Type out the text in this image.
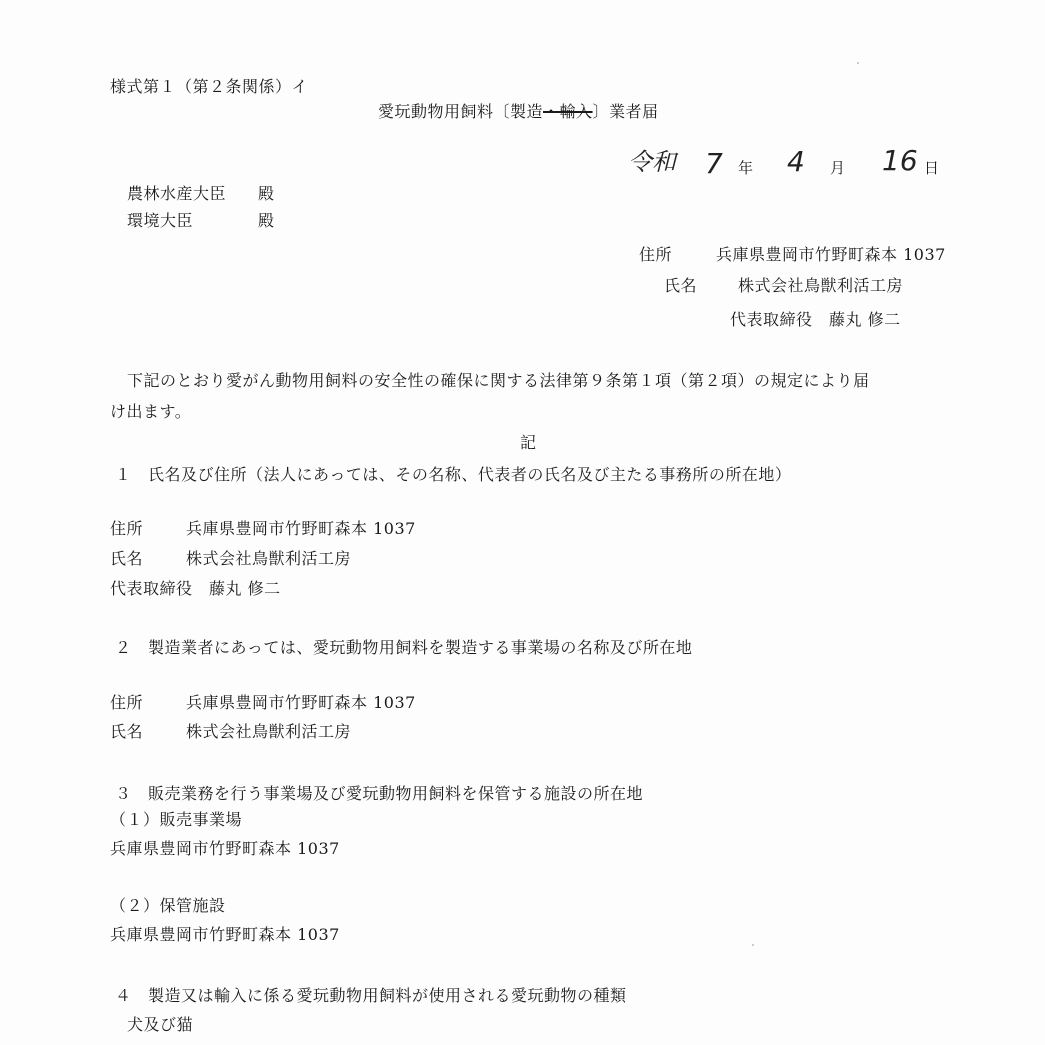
様式第１（第２条関係）イ
愛玩動物用飼料〔製造・輸入〕業者届
令和 7 年 4 月 16 日
農林水産大臣 殿
環境大臣	殿
住所	兵庫県豊岡市竹野町森本 1037
氏名	株式会社鳥獣利活工房
代表取締役　藤丸 修二
下記のとおり愛がん動物用飼料の安全性の確保に関する法律第９条第１項（第２項）の規定により届
け出ます。
記
１　氏名及び住所（法人にあっては、その名称、代表者の氏名及び主たる事務所の所在地）
住所	兵庫県豊岡市竹野町森本 1037
氏名	株式会社鳥獣利活工房
代表取締役　藤丸 修二
２　製造業者にあっては、愛玩動物用飼料を製造する事業場の名称及び所在地
住所	兵庫県豊岡市竹野町森本 1037
氏名	株式会社鳥獣利活工房
３　販売業務を行う事業場及び愛玩動物用飼料を保管する施設の所在地
（１）販売事業場
兵庫県豊岡市竹野町森本 1037
（２）保管施設
兵庫県豊岡市竹野町森本 1037
４　製造又は輸入に係る愛玩動物用飼料が使用される愛玩動物の種類
犬及び猫
